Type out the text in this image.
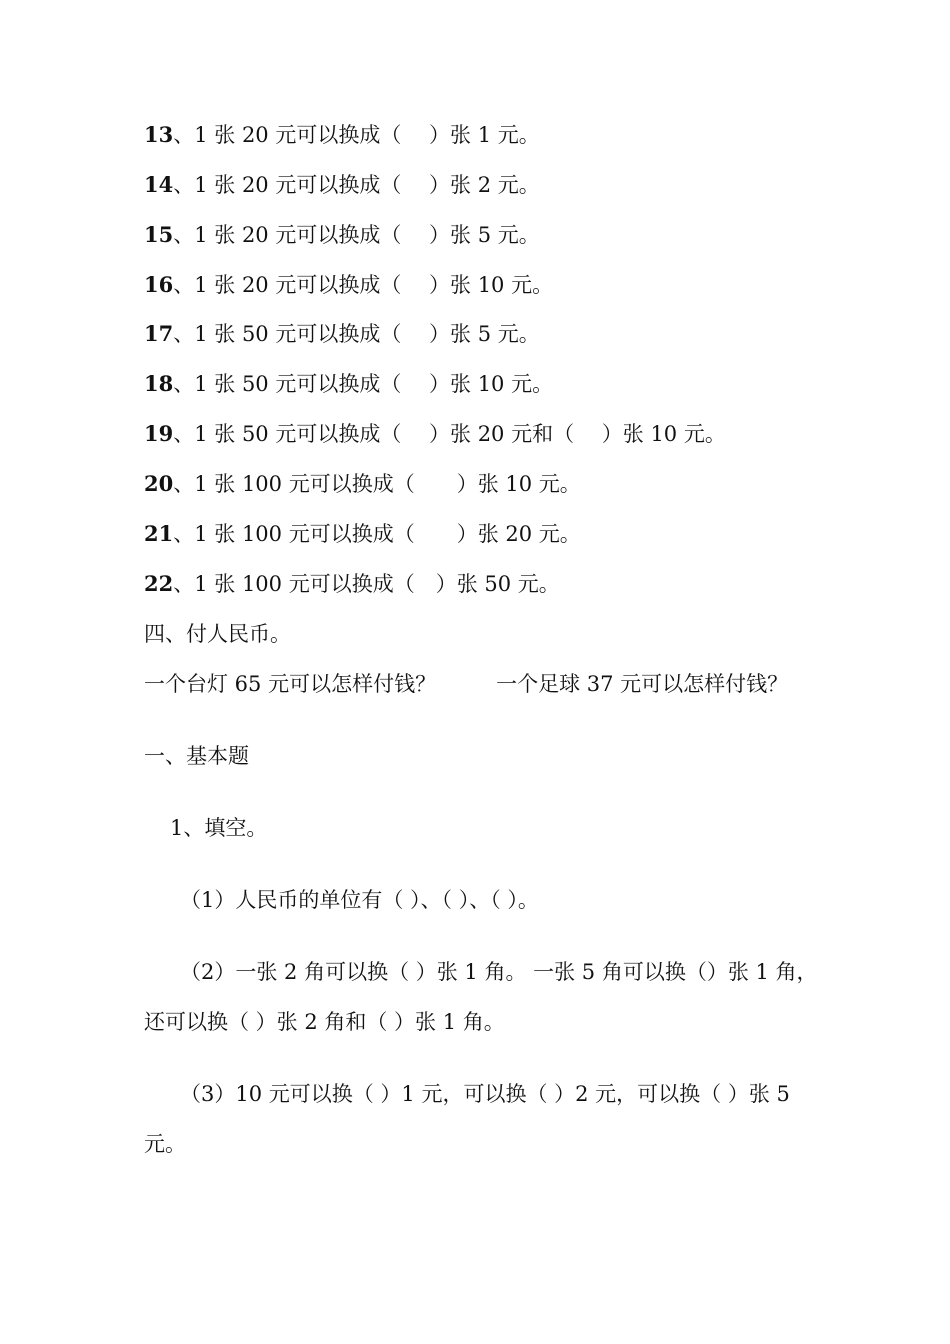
13、1 张 20 元可以换成（　 ）张 1 元。
14、1 张 20 元可以换成（　 ）张 2 元。
15、1 张 20 元可以换成（　 ）张 5 元。
16、1 张 20 元可以换成（　 ）张 10 元。
17、1 张 50 元可以换成（　 ）张 5 元。
18、1 张 50 元可以换成（　 ）张 10 元。
19、1 张 50 元可以换成（　 ）张 20 元和（　 ）张 10 元。
20、1 张 100 元可以换成（　　）张 10 元。
21、1 张 100 元可以换成（　　）张 20 元。
22、1 张 100 元可以换成（　）张 50 元。
四、付人民币。
一个台灯 65 元可以怎样付钱？	一个足球 37 元可以怎样付钱？
一、基本题
1、填空。
（1）人民币的单位有（ ）、（ ）、（ ）。
（2）一张 2 角可以换（ ）张 1 角。 一张 5 角可以换（）张 1 角，
还可以换（ ）张 2 角和（ ）张 1 角。
（3）10 元可以换（ ）1 元，可以换（ ）2 元，可以换（ ）张 5
元。
